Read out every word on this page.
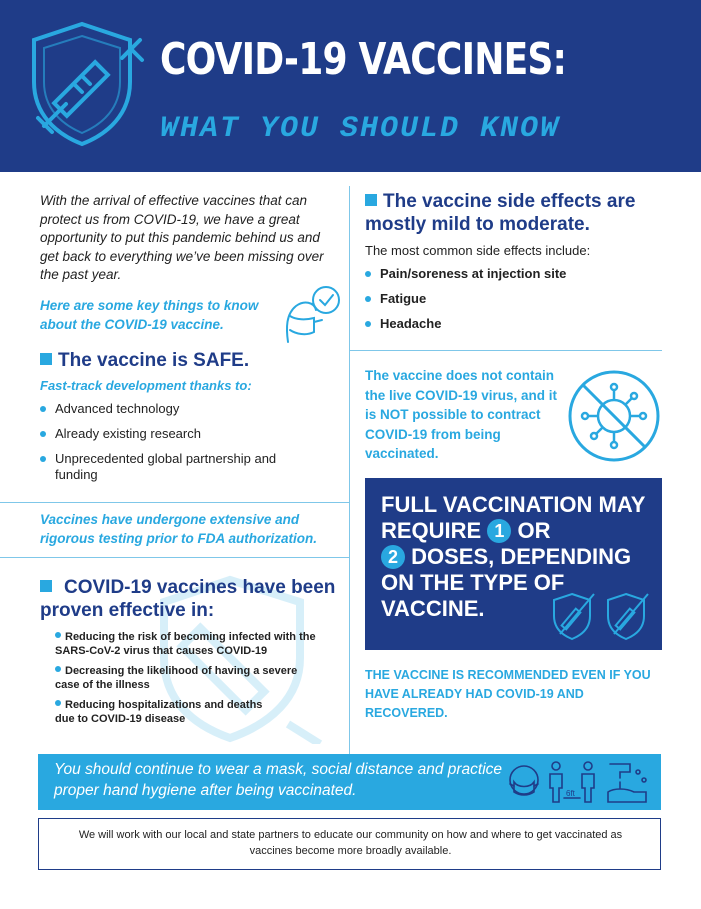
COVID-19 VACCINES:
WHAT YOU SHOULD KNOW
With the arrival of effective vaccines that can protect us from COVID-19, we have a great opportunity to put this pandemic behind us and get back to everything we’ve been missing over the past year.
Here are some key things to know about the COVID-19 vaccine.
The vaccine is SAFE.
Fast-track development thanks to:
Advanced technology
Already existing research
Unprecedented global partnership and funding
Vaccines have undergone extensive and rigorous testing prior to FDA authorization.
COVID-19 vaccines have been proven effective in:
Reducing the risk of becoming infected with the SARS-CoV-2 virus that causes COVID-19
Decreasing the likelihood of having a severe case of the illness
Reducing hospitalizations and deaths due to COVID-19 disease
The vaccine side effects are mostly mild to moderate.
The most common side effects include:
Pain/soreness at injection site
Fatigue
Headache
The vaccine does not contain the live COVID-19 virus, and it is NOT possible to contract COVID-19 from being vaccinated.
FULL VACCINATION MAY REQUIRE 1 OR
2 DOSES, DEPENDING ON THE TYPE OF VACCINE.
THE VACCINE IS RECOMMENDED EVEN IF YOU HAVE ALREADY HAD COVID-19 AND RECOVERED.
You should continue to wear a mask, social distance and practice proper hand hygiene after being vaccinated.	6ft
We will work with our local and state partners to educate our community on how and where to get vaccinated as vaccines become more broadly available.
